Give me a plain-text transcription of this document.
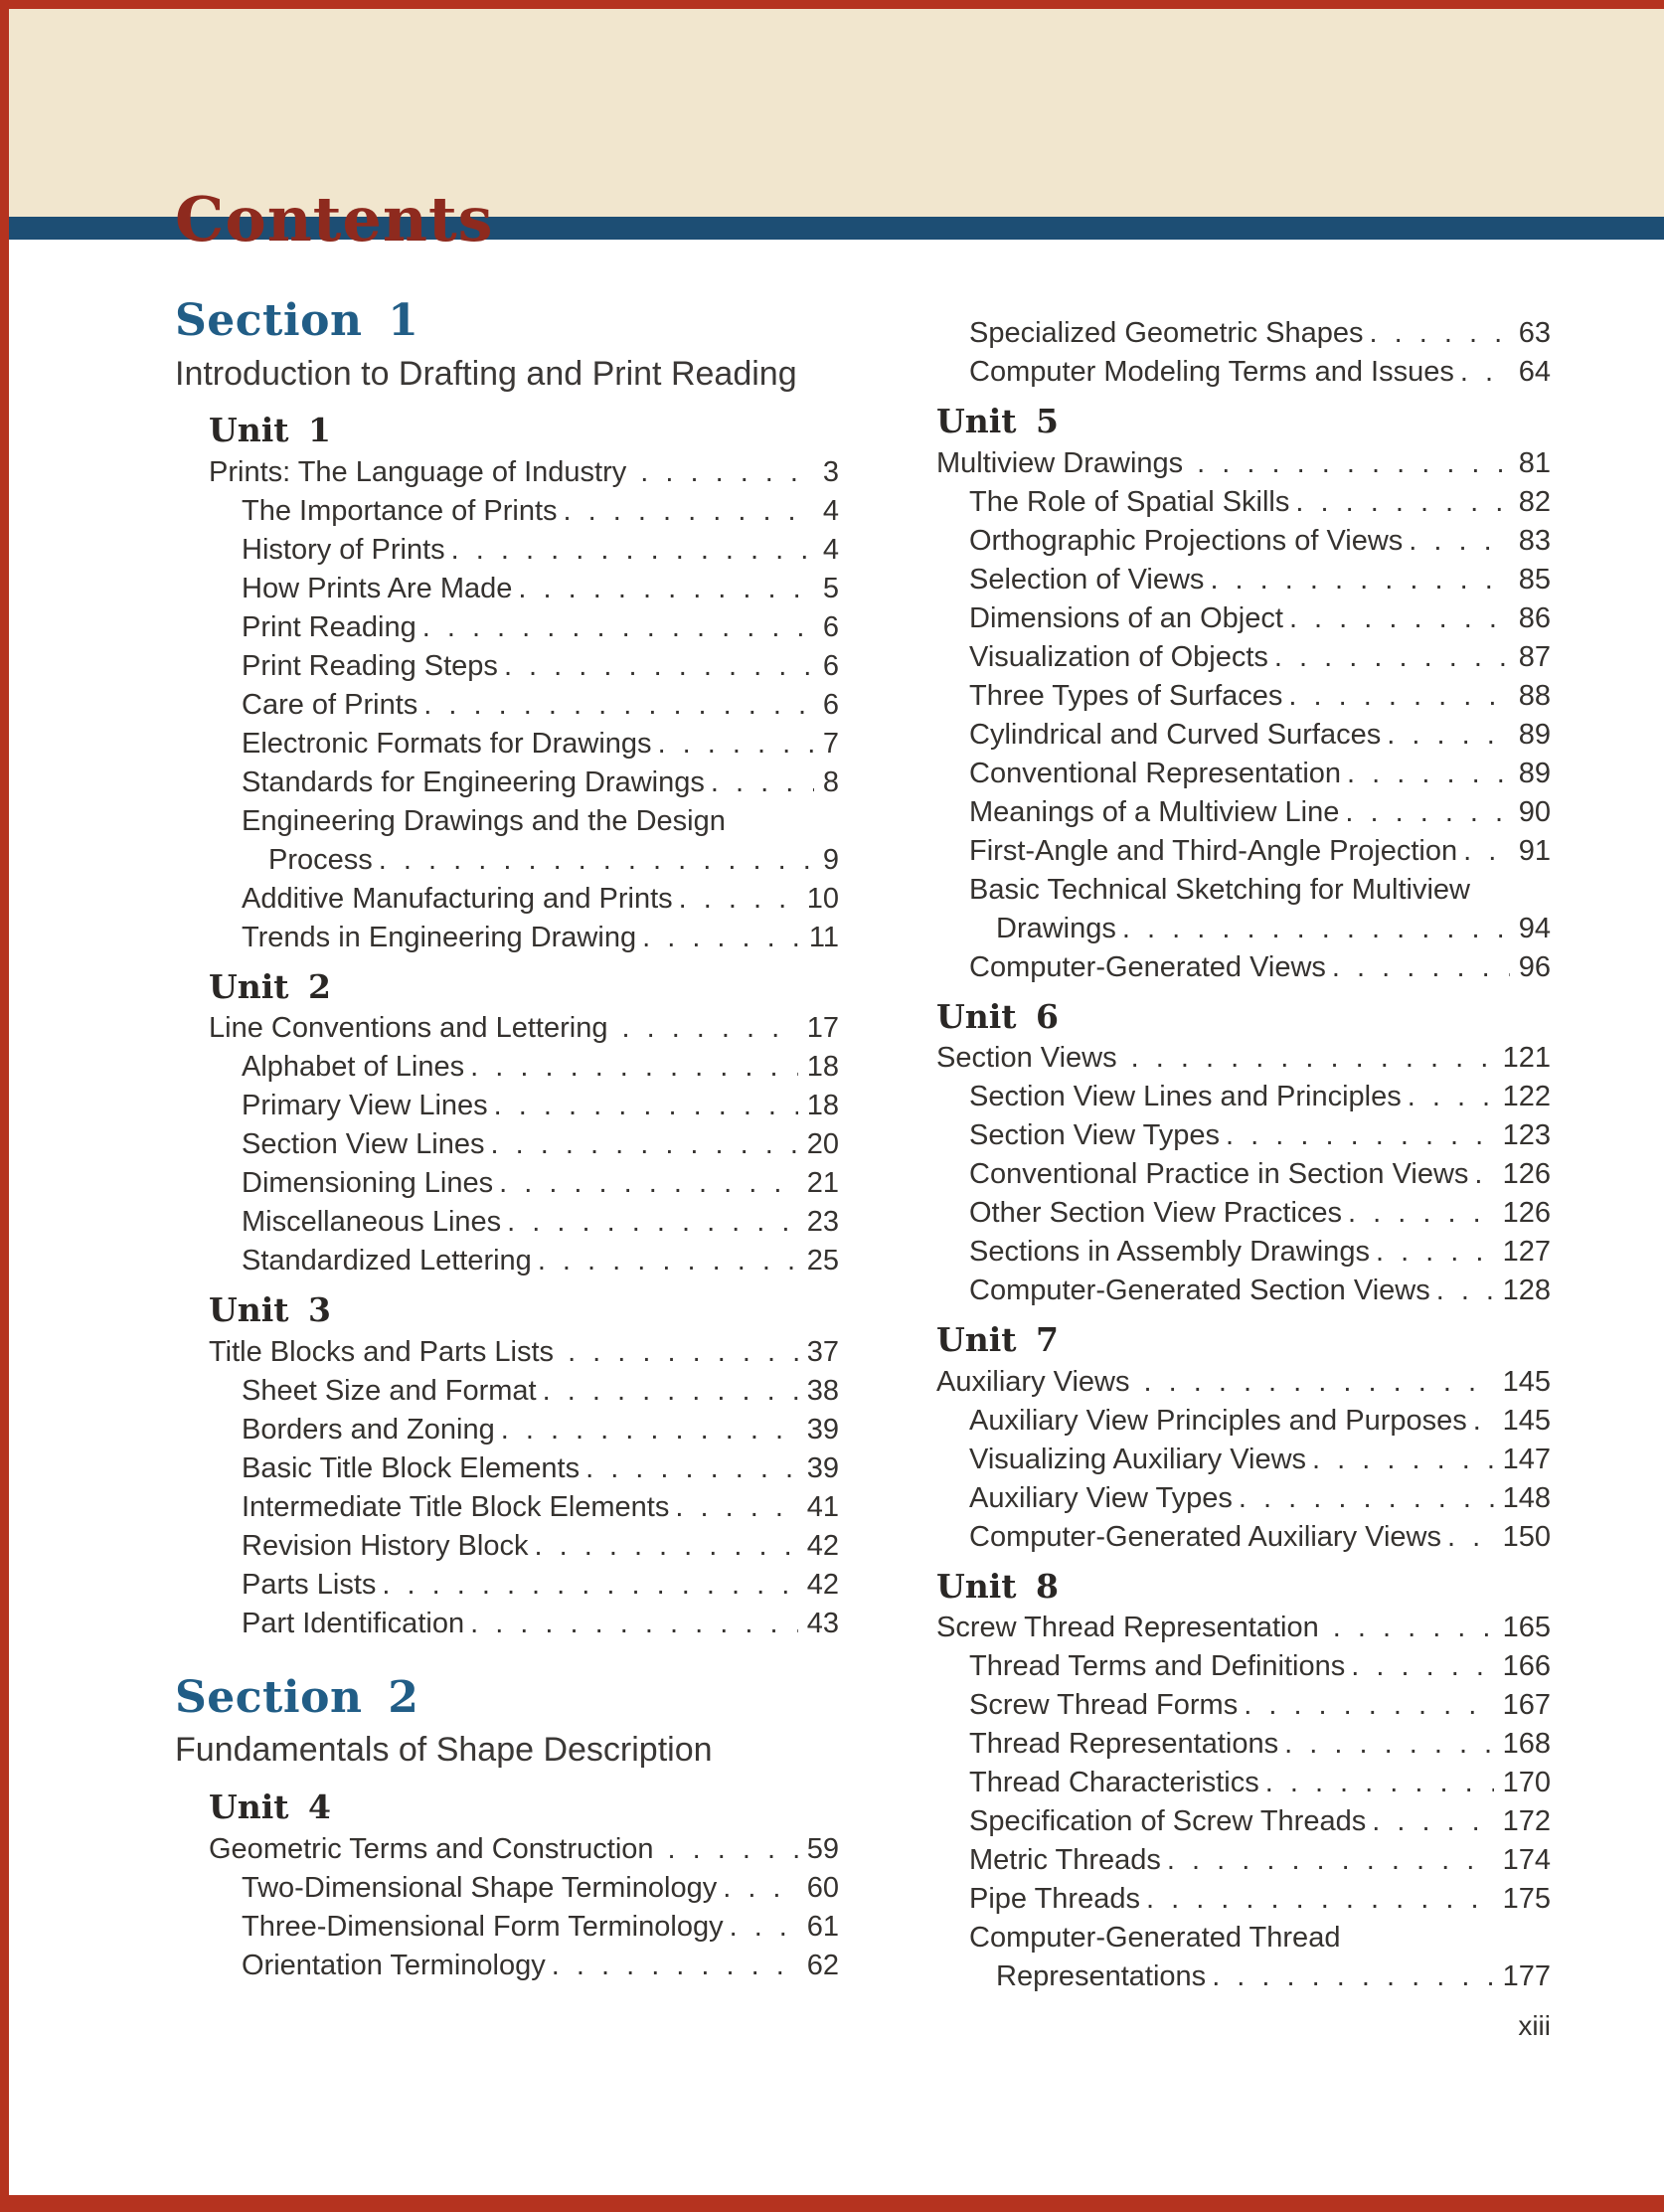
Contents
Section 1
Introduction to Drafting and Print Reading
Unit 1
Prints: The Language of Industry . . .	3
The Importance of Prints . . .	4
History of Prints . . .	4
How Prints Are Made . . .	5
Print Reading . . .	6
Print Reading Steps . . .	6
Care of Prints . . .	6
Electronic Formats for Drawings . . .	7
Standards for Engineering Drawings . . .	8
Engineering Drawings and the Design
Process . . .	9
Additive Manufacturing and Prints . . .	10
Trends in Engineering Drawing . . .	11
Unit 2
Line Conventions and Lettering . . .	17
Alphabet of Lines . . .	18
Primary View Lines . . .	18
Section View Lines . . .	20
Dimensioning Lines . . .	21
Miscellaneous Lines . . .	23
Standardized Lettering . . .	25
Unit 3
Title Blocks and Parts Lists . . .	37
Sheet Size and Format . . .	38
Borders and Zoning . . .	39
Basic Title Block Elements . . .	39
Intermediate Title Block Elements . . .	41
Revision History Block . . .	42
Parts Lists . . .	42
Part Identification . . .	43
Section 2
Fundamentals of Shape Description
Unit 4
Geometric Terms and Construction . . .	59
Two-Dimensional Shape Terminology . . .	60
Three-Dimensional Form Terminology . . .	61
Orientation Terminology . . .	62
Specialized Geometric Shapes . . .	63
Computer Modeling Terms and Issues . . .	64
Unit 5
Multiview Drawings . . .	81
The Role of Spatial Skills . . .	82
Orthographic Projections of Views . . .	83
Selection of Views . . .	85
Dimensions of an Object . . .	86
Visualization of Objects . . .	87
Three Types of Surfaces . . .	88
Cylindrical and Curved Surfaces . . .	89
Conventional Representation . . .	89
Meanings of a Multiview Line . . .	90
First-Angle and Third-Angle Projection . . .	91
Basic Technical Sketching for Multiview
Drawings . . .	94
Computer-Generated Views . . .	96
Unit 6
Section Views . . .	121
Section View Lines and Principles . . .	122
Section View Types . . .	123
Conventional Practice in Section Views . . .	126
Other Section View Practices . . .	126
Sections in Assembly Drawings . . .	127
Computer-Generated Section Views . . .	128
Unit 7
Auxiliary Views . . .	145
Auxiliary View Principles and Purposes . . .	145
Visualizing Auxiliary Views . . .	147
Auxiliary View Types . . .	148
Computer-Generated Auxiliary Views . . .	150
Unit 8
Screw Thread Representation . . .	165
Thread Terms and Definitions . . .	166
Screw Thread Forms . . .	167
Thread Representations . . .	168
Thread Characteristics . . .	170
Specification of Screw Threads . . .	172
Metric Threads . . .	174
Pipe Threads . . .	175
Computer-Generated Thread
Representations . . .	177
xiii
